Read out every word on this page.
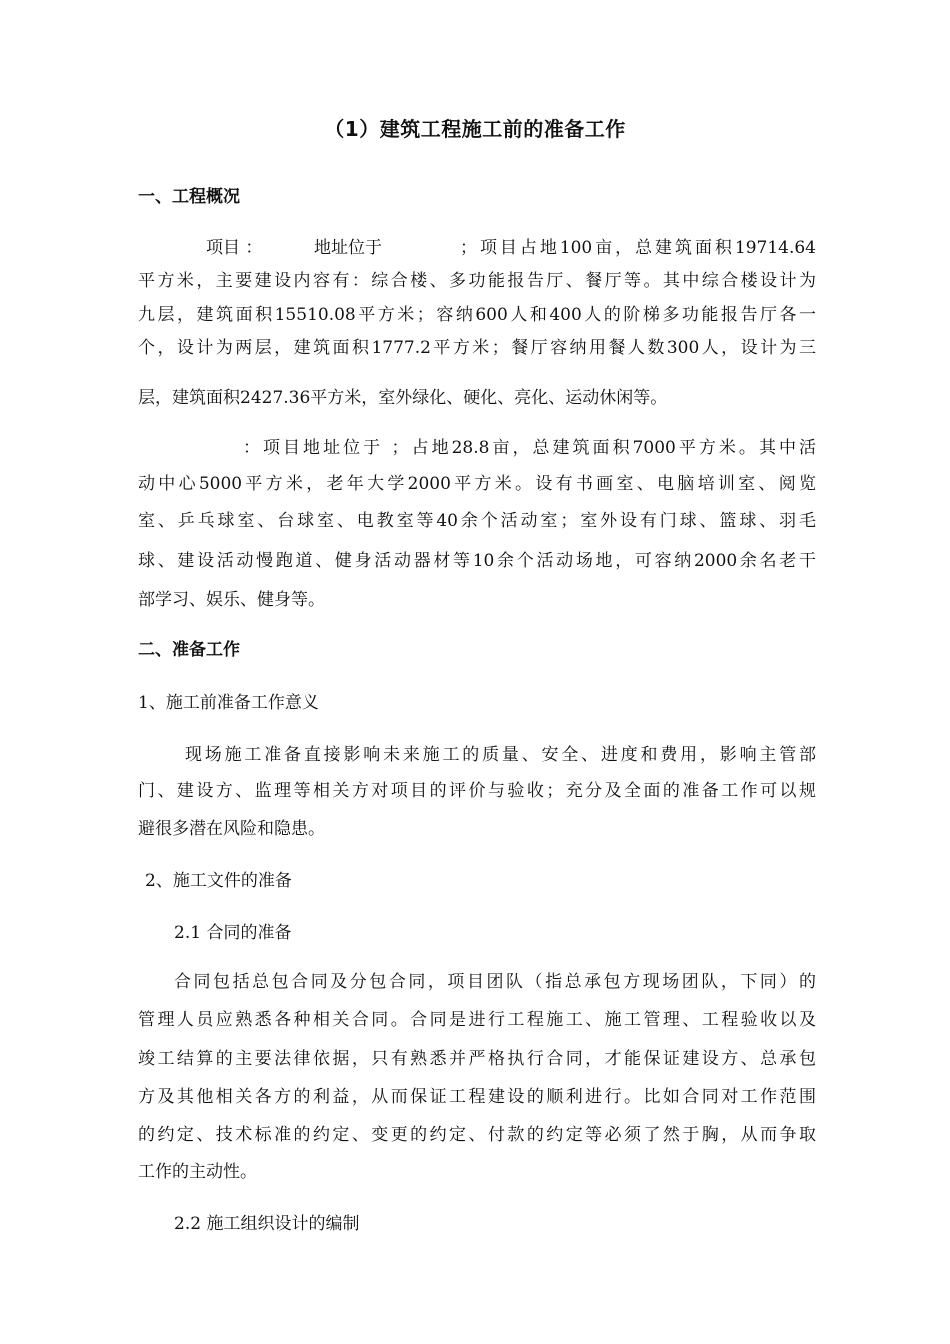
（1）建筑工程施工前的准备工作
一、工程概况
项目 ：	地址位于	；项目占地100亩，总建筑面积19714.64
平方米，主要建设内容有：综合楼、多功能报告厅、餐厅等。其中综合楼设计为
九层，建筑面积15510.08平方米；容纳600人和400人的阶梯多功能报告厅各一
个，设计为两层，建筑面积1777.2平方米；餐厅容纳用餐人数300人，设计为三
层，建筑面积2427.36平方米，室外绿化、硬化、亮化、运动休闲等。
：项目地址位于 ；占地28.8亩，总建筑面积7000平方米。其中活
动中心5000平方米，老年大学2000平方米。设有书画室、电脑培训室、阅览
室、乒乓球室、台球室、电教室等40余个活动室；室外设有门球、篮球、羽毛
球、建设活动慢跑道、健身活动器材等10余个活动场地，可容纳2000余名老干
部学习、娱乐、健身等。
二、准备工作
1、施工前准备工作意义
现场施工准备直接影响未来施工的质量、安全、进度和费用，影响主管部
门、建设方、监理等相关方对项目的评价与验收；充分及全面的准备工作可以规
避很多潜在风险和隐患。
2、施工文件的准备
2.1 合同的准备
合同包括总包合同及分包合同，项目团队（指总承包方现场团队，下同）的
管理人员应熟悉各种相关合同。合同是进行工程施工、施工管理、工程验收以及
竣工结算的主要法律依据，只有熟悉并严格执行合同，才能保证建设方、总承包
方及其他相关各方的利益，从而保证工程建设的顺利进行。比如合同对工作范围
的约定、技术标准的约定、变更的约定、付款的约定等必须了然于胸，从而争取
工作的主动性。
2.2 施工组织设计的编制
